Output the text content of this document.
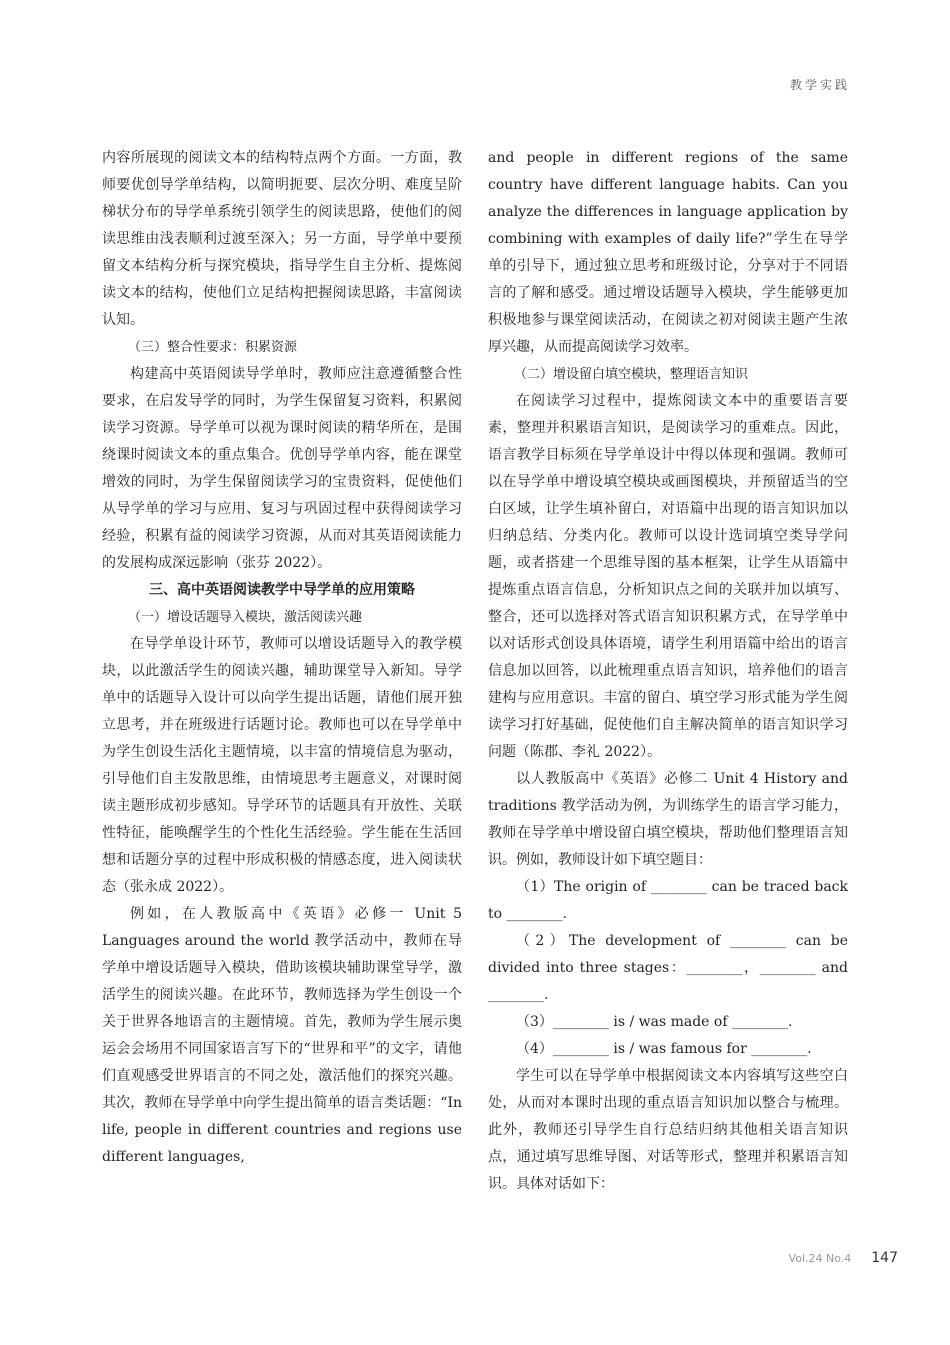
教学实践

内容所展现的阅读文本的结构特点两个方面。一方面，教师要优创导学单结构，以简明扼要、层次分明、难度呈阶梯状分布的导学单系统引领学生的阅读思路，使他们的阅读思维由浅表顺利过渡至深入；另一方面，导学单中要预留文本结构分析与探究模块，指导学生自主分析、提炼阅读文本的结构，使他们立足结构把握阅读思路，丰富阅读认知。

（三）整合性要求：积累资源

构建高中英语阅读导学单时，教师应注意遵循整合性要求，在启发导学的同时，为学生保留复习资料，积累阅读学习资源。导学单可以视为课时阅读的精华所在，是围绕课时阅读文本的重点集合。优创导学单内容，能在课堂增效的同时，为学生保留阅读学习的宝贵资料，促使他们从导学单的学习与应用、复习与巩固过程中获得阅读学习经验，积累有益的阅读学习资源，从而对其英语阅读能力的发展构成深远影响（张芬 2022）。

三、高中英语阅读教学中导学单的应用策略

（一）增设话题导入模块，激活阅读兴趣

在导学单设计环节，教师可以增设话题导入的教学模块，以此激活学生的阅读兴趣，辅助课堂导入新知。导学单中的话题导入设计可以向学生提出话题，请他们展开独立思考，并在班级进行话题讨论。教师也可以在导学单中为学生创设生活化主题情境，以丰富的情境信息为驱动，引导他们自主发散思维，由情境思考主题意义，对课时阅读主题形成初步感知。导学环节的话题具有开放性、关联性特征，能唤醒学生的个性化生活经验。学生能在生活回想和话题分享的过程中形成积极的情感态度，进入阅读状态（张永成 2022）。

例如，在人教版高中《英语》必修一 Unit 5 Languages around the world 教学活动中，教师在导学单中增设话题导入模块，借助该模块辅助课堂导学，激活学生的阅读兴趣。在此环节，教师选择为学生创设一个关于世界各地语言的主题情境。首先，教师为学生展示奥运会会场用不同国家语言写下的“世界和平”的文字，请他们直观感受世界语言的不同之处，激活他们的探究兴趣。其次，教师在导学单中向学生提出简单的语言类话题：“In life, people in different countries and regions use different languages,

and people in different regions of the same country have different language habits. Can you analyze the differences in language application by combining with examples of daily life?”学生在导学单的引导下，通过独立思考和班级讨论，分享对于不同语言的了解和感受。通过增设话题导入模块，学生能够更加积极地参与课堂阅读活动，在阅读之初对阅读主题产生浓厚兴趣，从而提高阅读学习效率。

（二）增设留白填空模块，整理语言知识

在阅读学习过程中，提炼阅读文本中的重要语言要素，整理并积累语言知识，是阅读学习的重难点。因此，语言教学目标须在导学单设计中得以体现和强调。教师可以在导学单中增设填空模块或画图模块，并预留适当的空白区域，让学生填补留白，对语篇中出现的语言知识加以归纳总结、分类内化。教师可以设计选词填空类导学问题，或者搭建一个思维导图的基本框架，让学生从语篇中提炼重点语言信息，分析知识点之间的关联并加以填写、整合，还可以选择对答式语言知识积累方式，在导学单中以对话形式创设具体语境，请学生利用语篇中给出的语言信息加以回答，以此梳理重点语言知识，培养他们的语言建构与应用意识。丰富的留白、填空学习形式能为学生阅读学习打好基础，促使他们自主解决简单的语言知识学习问题（陈郡、李礼 2022）。

以人教版高中《英语》必修二 Unit 4 History and traditions 教学活动为例，为训练学生的语言学习能力，教师在导学单中增设留白填空模块，帮助他们整理语言知识。例如，教师设计如下填空题目：

（1）The origin of ________ can be traced back to ________.

（2）The development of ________ can be divided into three stages：________，________ and ________.

（3）________ is / was made of ________.

（4）________ is / was famous for ________.

学生可以在导学单中根据阅读文本内容填写这些空白处，从而对本课时出现的重点语言知识加以整合与梳理。此外，教师还引导学生自行总结归纳其他相关语言知识点，通过填写思维导图、对话等形式，整理并积累语言知识。具体对话如下：

Vol.24 No.4 147
